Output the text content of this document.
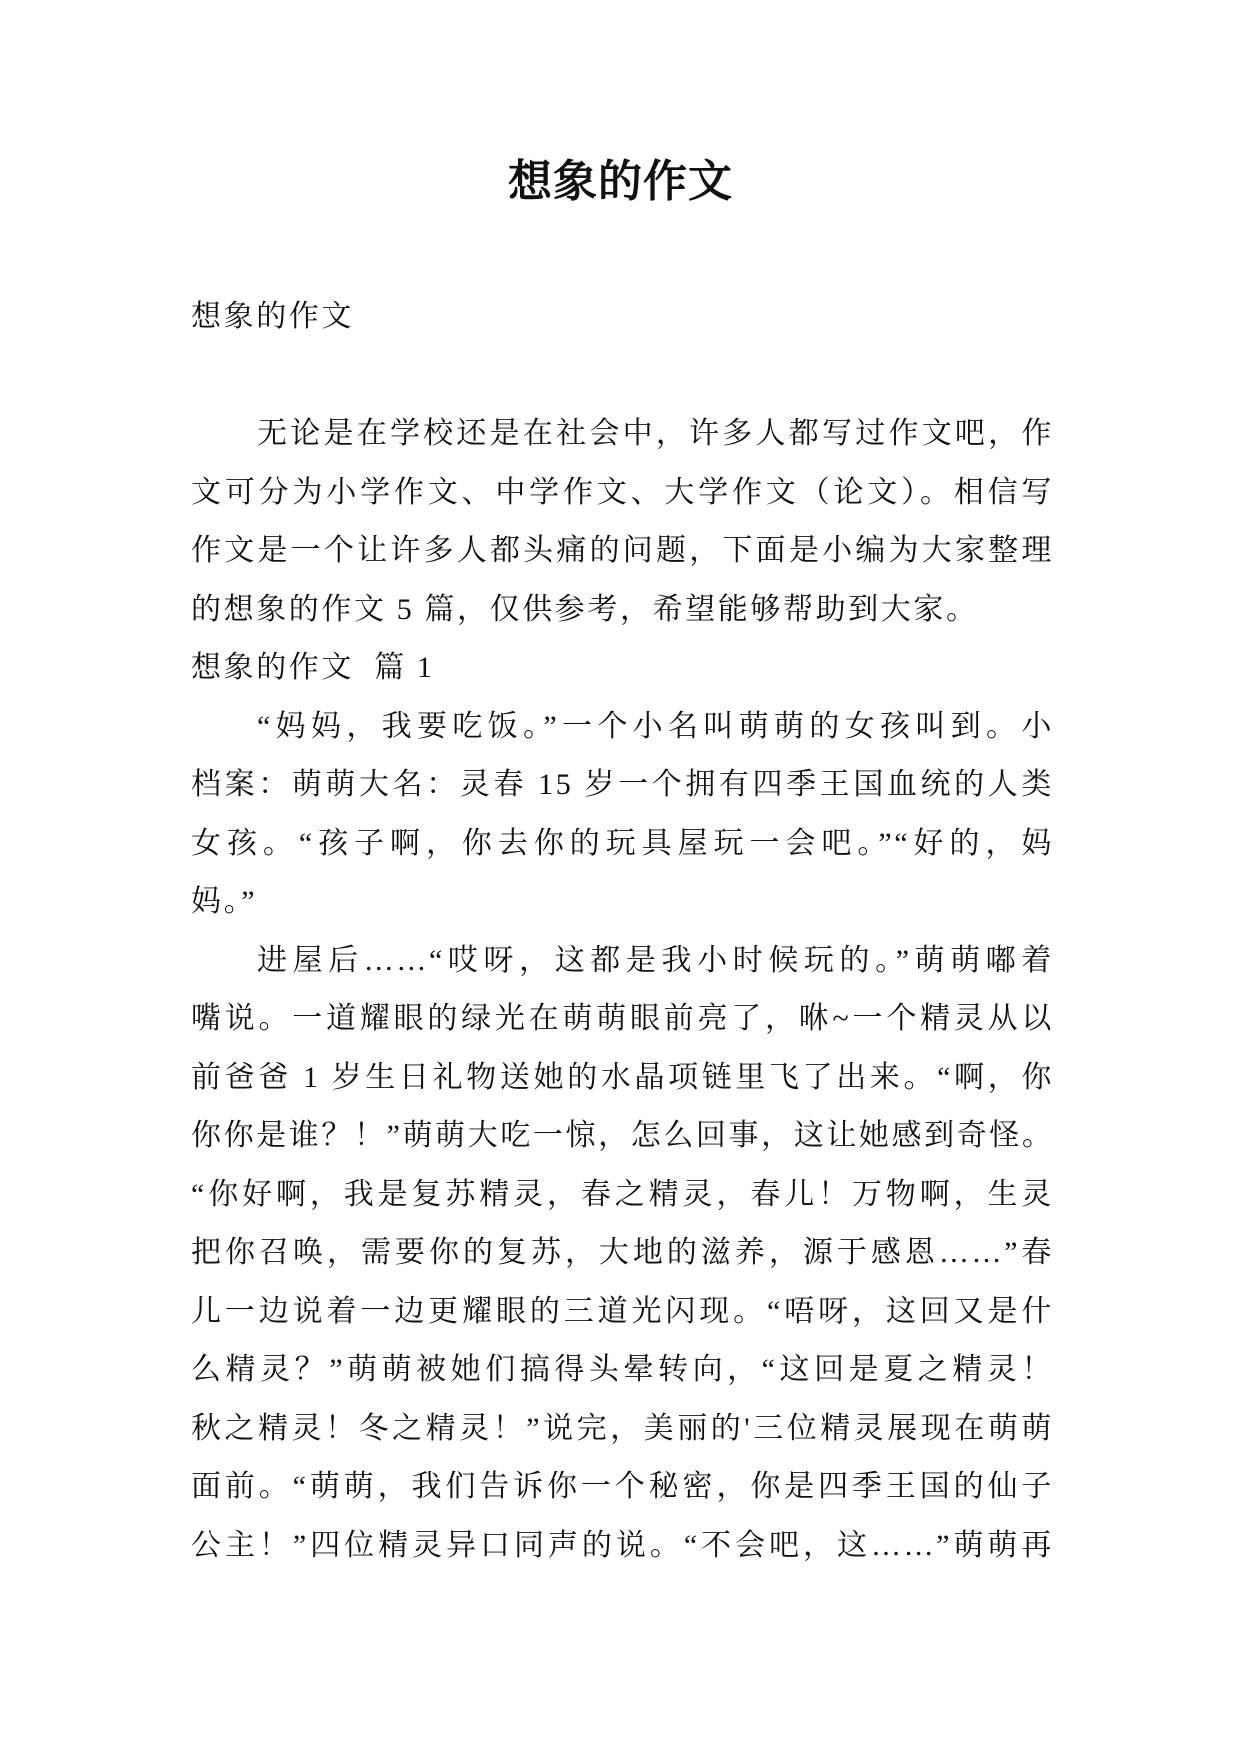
想象的作文
想象的作文
无论是在学校还是在社会中，许多人都写过作文吧，作
文可分为小学作文、中学作文、大学作文（论文）。相信写
作文是一个让许多人都头痛的问题，下面是小编为大家整理
的想象的作文 5 篇，仅供参考，希望能够帮助到大家。
想象的作文  篇 1
“妈妈，我要吃饭。”一个小名叫萌萌的女孩叫到。小
档案：萌萌大名：灵春 15 岁一个拥有四季王国血统的人类
女孩。“孩子啊，你去你的玩具屋玩一会吧。”“好的，妈
妈。”
进屋后……“哎呀，这都是我小时候玩的。”萌萌嘟着
嘴说。一道耀眼的绿光在萌萌眼前亮了，咻~一个精灵从以
前爸爸 1 岁生日礼物送她的水晶项链里飞了出来。“啊，你
你你是谁？！”萌萌大吃一惊，怎么回事，这让她感到奇怪。
“你好啊，我是复苏精灵，春之精灵，春儿！万物啊，生灵
把你召唤，需要你的复苏，大地的滋养，源于感恩……”春
儿一边说着一边更耀眼的三道光闪现。“唔呀，这回又是什
么精灵？”萌萌被她们搞得头晕转向，“这回是夏之精灵！
秋之精灵！冬之精灵！”说完，美丽的'三位精灵展现在萌萌
面前。“萌萌，我们告诉你一个秘密，你是四季王国的仙子
公主！”四位精灵异口同声的说。“不会吧，这……”萌萌再
